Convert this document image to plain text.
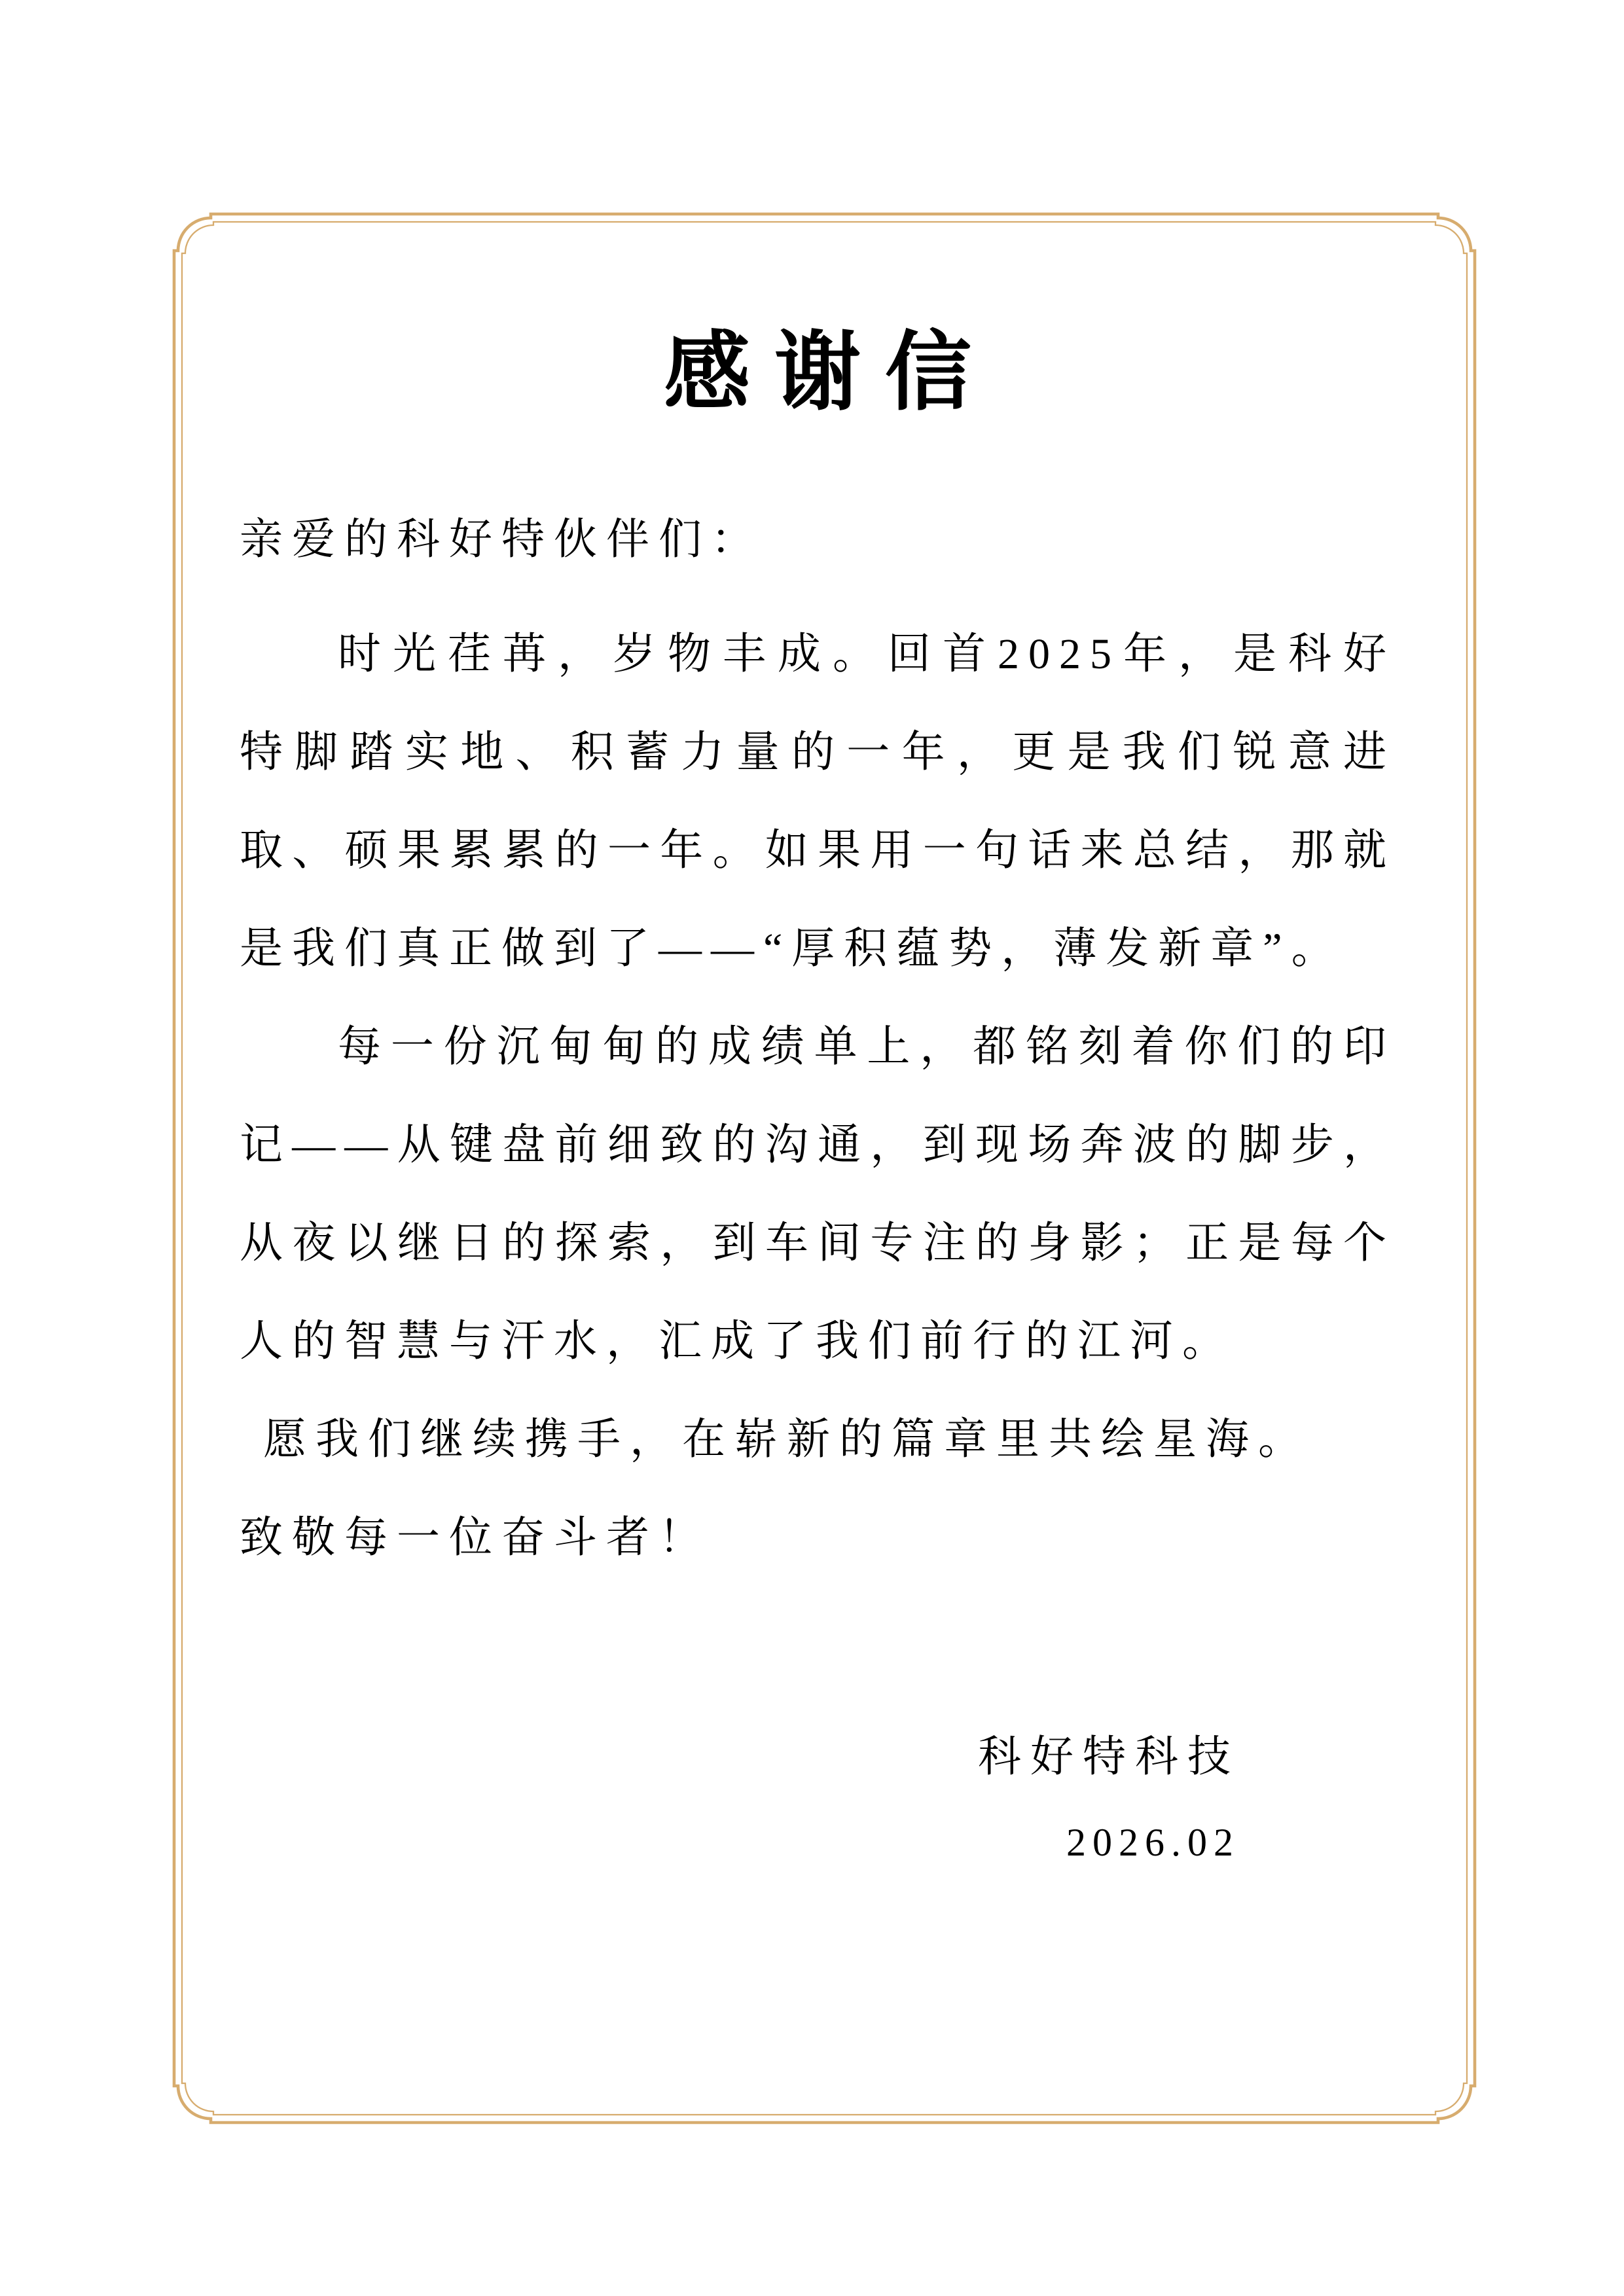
感谢信

亲爱的科好特伙伴们：

时光荏苒，岁物丰成。回首2025年，是科好特脚踏实地、积蓄力量的一年，更是我们锐意进取、硕果累累的一年。如果用一句话来总结，那就是我们真正做到了——“厚积蕴势，薄发新章”。

每一份沉甸甸的成绩单上，都铭刻着你们的印记——从键盘前细致的沟通，到现场奔波的脚步，从夜以继日的探索，到车间专注的身影；正是每个人的智慧与汗水，汇成了我们前行的江河。

愿我们继续携手，在崭新的篇章里共绘星海。

致敬每一位奋斗者！

科好特科技
2026.02
